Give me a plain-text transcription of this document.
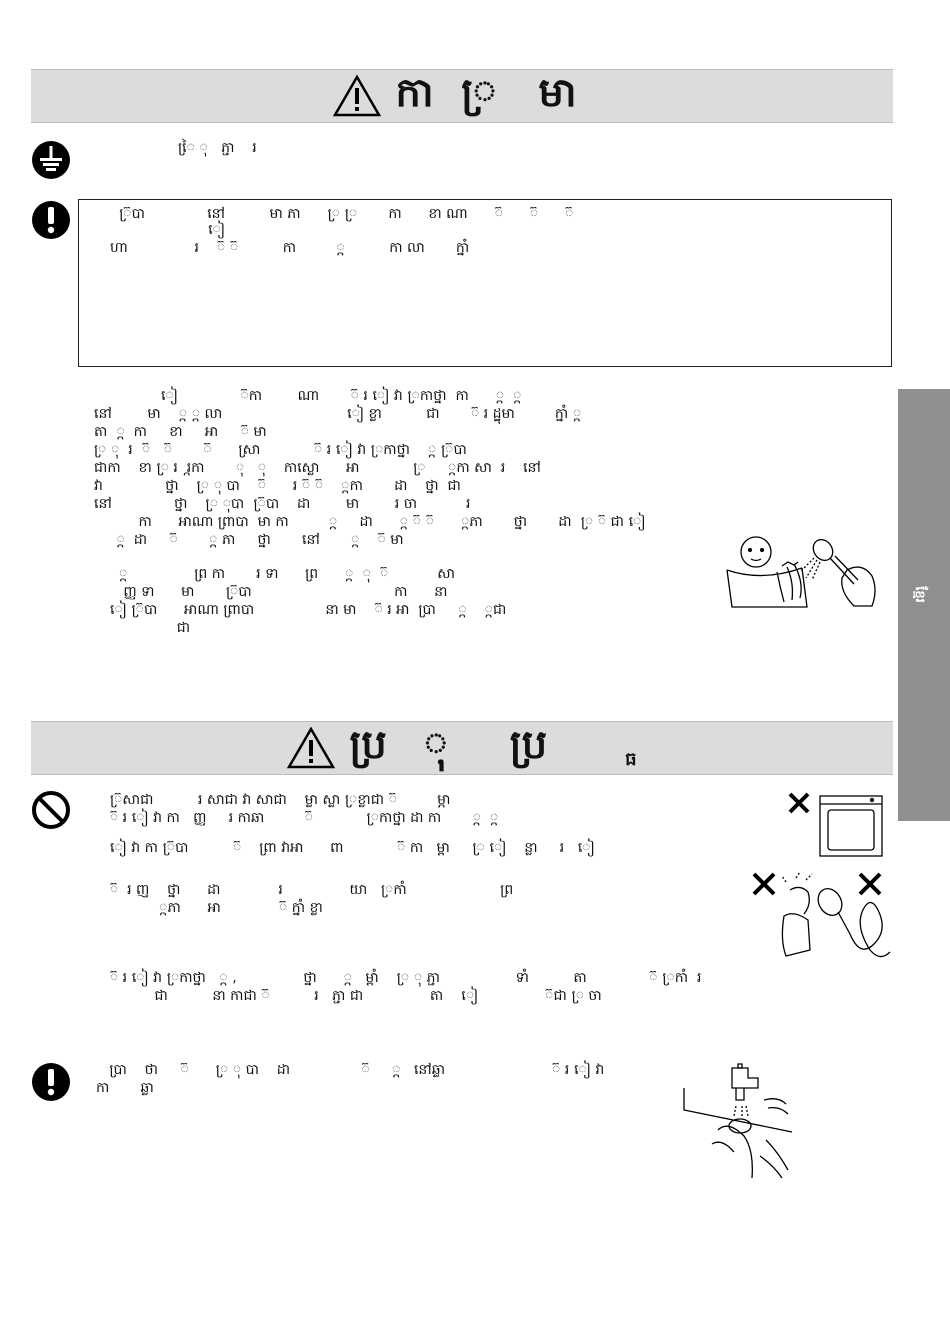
កា ្រ មា
ៃ្រ ុ   ភ្ជា    រ
៊្របា              នៅ          មា ភា      ្រ ្រ       កា      ខា ណា      ៊      ៊      ៊
ៀ
ហា               រ    ៊ ៊          កា         ្ក          កា លា       ក្នាំ
ៀ              ៊កា        ណា       ៊ រ ៀ វា ្រកាថ្នា  កា      ្ក  ្ក
នៅ        មា    ្ក ្ក លា                            ៀ ខ្លា          ជា       ៊ រ ដ្ឋុមា         ក្នាំ ្ក
តា  ្ក  កា     ខា     អា     ៊ មា
្រ ុ  រ  ៊   ៊       ៊      ស្រា            ៊ រ ៀ វា ្រកាថ្នា    ្ក ៊្របា
ជាកា    ខា ្រ រ  រ្កកា       ុ   ុ    កាស្លោ      អា            ្រ     ្កកា សា  រ    នៅ
វា              ថ្នា    ្រ ុ បា    ៊      រ ៊ ៊    ្កកា       ដា    ថ្នា  ជា
នៅ              ថ្នា    ្រ ុបា  ៊្របា    ដា        មា        រ ចា           រ
កា      អាណា ព្រាបា  មា កា         ្ក     ដា      ្ក ៊ ៊      ្កភា       ថ្នា       ដា  ្រ ៊ ជា ៀ
្ក  ដា     ៊       ្ក ភា     ថ្នា       នៅ       ្ក    ៊ មា
្ក               ព្រ កា       រ ទា      ព្រ      ្ក  ុ  ៊           សា
ញ្ញ ទា      មា       ៊្របា                                កា      នា
ៀ ៊្របា      អាណា ព្រាបា                នា មា    ៊ រ អា  ប្រា     ្ក    ្កជា
ជា
ប្រ ុ ប្រ	ធ
៊្រសាជា          រ សាជា វា សាជា    ម្លា ស្លា ្រខ្លាជា ៊         ម្ភា
៊ រ ៀ វា កា   ញ្ញ     រ កាឆា         ៊            ្រកាថ្នា ដា កា       ្ក  ្ក
ៀ វា កា ៊្របា          ៊    ព្រា វាអា      ពា            ៊ កា   ម្ពា     ្រ ៀ    ន្លា     រ   ៀ
៊  រ ញ    ថ្នា      ដា             រ               យា   ្រកាំ                     ព្រ
្កភា      អា             ៊ ក្នាំ ខ្លា
៊ រ ៀ វា ្រកាថ្នា   ្ក ,               ថ្នា      ្ក   ម្ពាំ    ្រ ុ ភ្ជា                 ទាំ          តា              ៊ ្រកាំ  រ
ជា          នា កាជា ៊          រ   ភ្ជា ជា               តា    ៀ               ៊ជា ្រ ចា
ប្រា    ថា     ៊      ្រ ុ បា    ដា                ៊     ្ក   នៅឆ្លា                        ៊ រ ៀ វា
កា       ឆ្លា
ខ្មែរ
